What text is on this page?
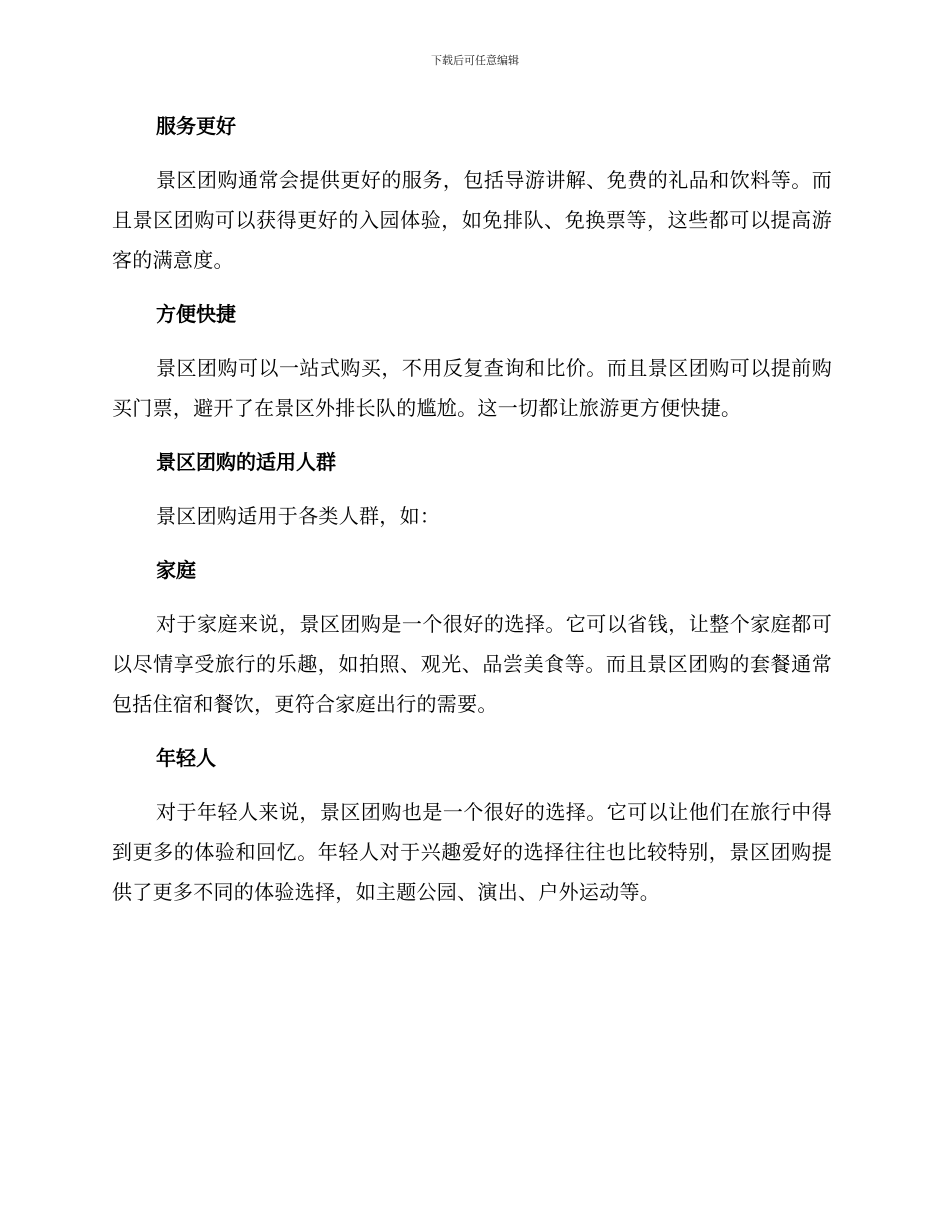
下载后可任意编辑
服务更好

景区团购通常会提供更好的服务，包括导游讲解、免费的礼品和饮料等。而且景区团购可以获得更好的入园体验，如免排队、免换票等，这些都可以提高游客的满意度。

方便快捷

景区团购可以一站式购买，不用反复查询和比价。而且景区团购可以提前购买门票，避开了在景区外排长队的尴尬。这一切都让旅游更方便快捷。

景区团购的适用人群

景区团购适用于各类人群，如：

家庭

对于家庭来说，景区团购是一个很好的选择。它可以省钱，让整个家庭都可以尽情享受旅行的乐趣，如拍照、观光、品尝美食等。而且景区团购的套餐通常包括住宿和餐饮，更符合家庭出行的需要。

年轻人

对于年轻人来说，景区团购也是一个很好的选择。它可以让他们在旅行中得到更多的体验和回忆。年轻人对于兴趣爱好的选择往往也比较特别，景区团购提供了更多不同的体验选择，如主题公园、演出、户外运动等。
